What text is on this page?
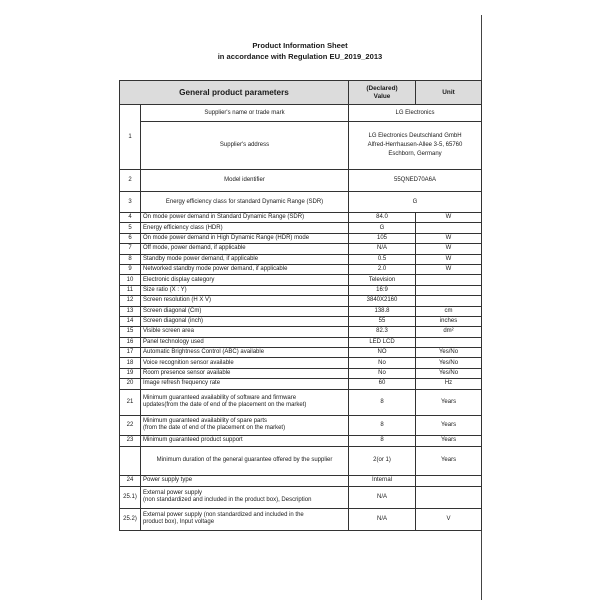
Product Information Sheet
in accordance with Regulation EU_2019_2013
General product parameters		(Declared)
Value	Unit
1	Supplier's name or trade mark	LG Electronics	
	Supplier's address	LG Electronics Deutschland GmbH
Alfred-Herrhausen-Allee 3-5, 65760
Eschborn, Germany	

2	Model identifier	55QNED70A6A	
3	Energy efficiency class for standard Dynamic Range (SDR)	G	
4	On mode power demand in Standard Dynamic Range (SDR)	84.0	W
5	Energy efficiency class (HDR)	G	
6	On mode power demand in High Dynamic Range (HDR) mode	105	W
7	Off mode, power demand, if applicable	N/A	W
8	Standby mode power demand, if applicable	0.5	W
9	Networked standby mode power demand, if applicable	2.0	W
10	Electronic display category	Television	
11	Size ratio (X : Y)	16:9	
12	Screen resolution (H X V)	3840X2160	
13	Screen diagonal (Cm)	138.8	cm
14	Screen diagonal (inch)	55	inches
15	Visible screen area	82.3	dm²
16	Panel technology used	LED LCD	
17	Automatic Brightness Control (ABC) available	NO	Yes/No
18	Voice recognition sensor available	No	Yes/No
19	Room presence sensor available	No	Yes/No
20	Image refresh frequency rate	60	Hz
21	Minimum guaranteed availability of software and firmware
updates(from the date of end of the placement on the market)	8	Years
22	Minimum guaranteed availability of spare parts
(from the date of end of the placement on the market)	8	Years
23	Minimum guaranteed product support	8	Years
	Minimum duration of the general guarantee offered by the supplier	2(or 1)	Years
24	Power supply type	Internal	
25.1)	External power supply
(non standardized and included in the product box), Description	N/A	
25.2)	External power supply (non standardized and included in the
product box), Input voltage	N/A	V
